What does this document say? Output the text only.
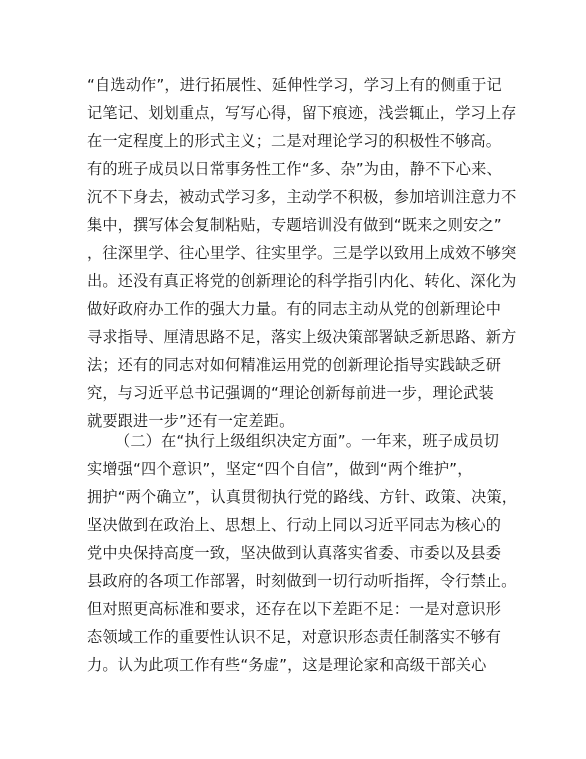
“自选动作”，进行拓展性、延伸性学习，学习上有的侧重于记
记笔记、划划重点，写写心得，留下痕迹，浅尝辄止，学习上存
在一定程度上的形式主义；二是对理论学习的积极性不够高。
有的班子成员以日常事务性工作“多、杂”为由，静不下心来、
沉不下身去，被动式学习多，主动学不积极，参加培训注意力不
集中，撰写体会复制粘贴，专题培训没有做到“既来之则安之”
，往深里学、往心里学、往实里学。三是学以致用上成效不够突
出。还没有真正将党的创新理论的科学指引内化、转化、深化为
做好政府办工作的强大力量。有的同志主动从党的创新理论中
寻求指导、厘清思路不足，落实上级决策部署缺乏新思路、新方
法；还有的同志对如何精准运用党的创新理论指导实践缺乏研
究，与习近平总书记强调的“理论创新每前进一步，理论武装
就要跟进一步”还有一定差距。
（二）在“执行上级组织决定方面”。一年来，班子成员切
实增强“四个意识”，坚定“四个自信”，做到“两个维护”，
拥护“两个确立”，认真贯彻执行党的路线、方针、政策、决策，
坚决做到在政治上、思想上、行动上同以习近平同志为核心的
党中央保持高度一致，坚决做到认真落实省委、市委以及县委
县政府的各项工作部署，时刻做到一切行动听指挥，令行禁止。
但对照更高标准和要求，还存在以下差距不足：一是对意识形
态领域工作的重要性认识不足，对意识形态责任制落实不够有
力。认为此项工作有些“务虚”，这是理论家和高级干部关心
